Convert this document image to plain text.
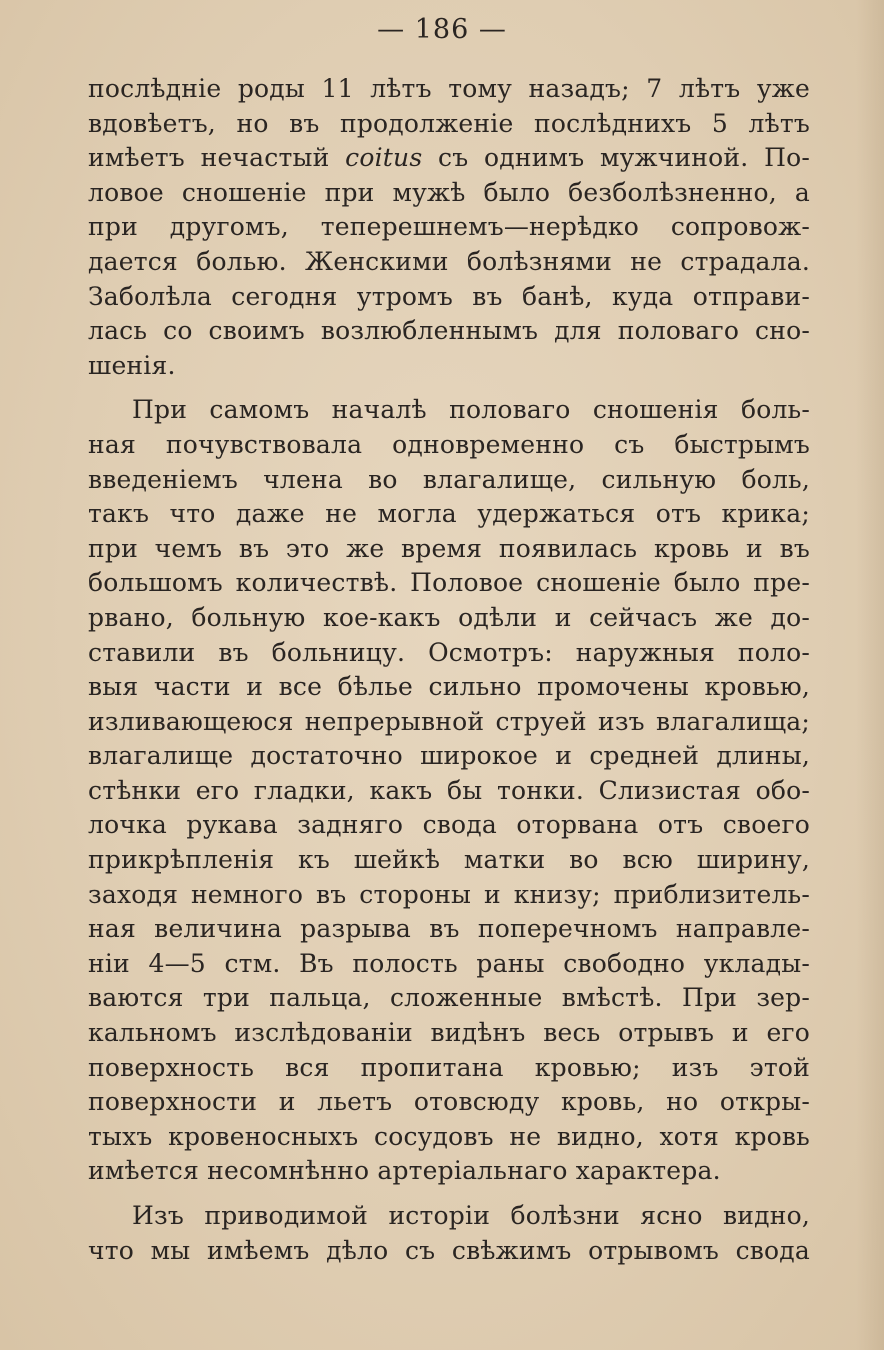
— 186 —
послѣдніе роды 11 лѣтъ тому назадъ; 7 лѣтъ уже
вдовѣетъ, но въ продолженіе послѣднихъ 5 лѣтъ
имѣетъ нечастый coitus съ однимъ мужчиной. По-
ловое сношеніе при мужѣ было безболѣзненно, а
при другомъ, теперешнемъ—нерѣдко сопровож-
дается болью. Женскими болѣзнями не страдала.
Заболѣла сегодня утромъ въ банѣ, куда отправи-
лась со своимъ возлюбленнымъ для половаго сно-
шенія.
При самомъ началѣ половаго сношенія боль-
ная почувствовала одновременно съ быстрымъ
введеніемъ члена во влагалище, сильную боль,
такъ что даже не могла удержаться отъ крика;
при чемъ въ это же время появилась кровь и въ
большомъ количествѣ. Половое сношеніе было пре-
рвано, больную кое-какъ одѣли и сейчасъ же до-
ставили въ больницу. Осмотръ: наружныя поло-
выя части и все бѣлье сильно промочены кровью,
изливающеюся непрерывной струей изъ влагалища;
влагалище достаточно широкое и средней длины,
стѣнки его гладки, какъ бы тонки. Слизистая обо-
лочка рукава задняго свода оторвана отъ своего
прикрѣпленія къ шейкѣ матки во всю ширину,
заходя немного въ стороны и книзу; приблизитель-
ная величина разрыва въ поперечномъ направле-
ніи 4—5 стм. Въ полость раны свободно уклады-
ваются три пальца, сложенные вмѣстѣ. При зер-
кальномъ изслѣдованіи видѣнъ весь отрывъ и его
поверхность вся пропитана кровью; изъ этой
поверхности и льетъ отовсюду кровь, но откры-
тыхъ кровеносныхъ сосудовъ не видно, хотя кровь
имѣется несомнѣнно артеріальнаго характера.
Изъ приводимой исторіи болѣзни ясно видно,
что мы имѣемъ дѣло съ свѣжимъ отрывомъ свода
